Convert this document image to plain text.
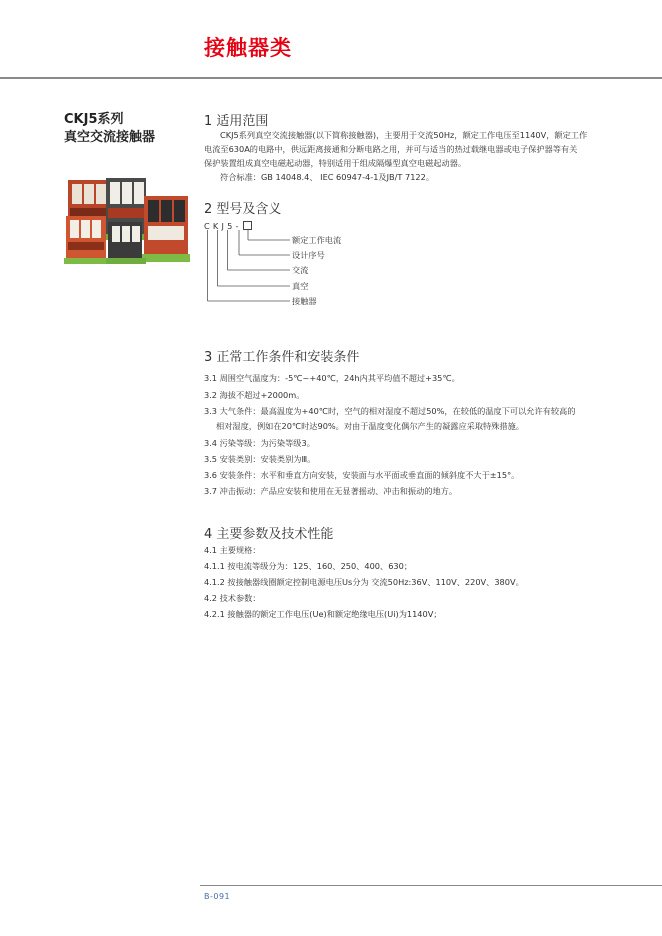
接触器类
CKJ5系列
真空交流接触器
1 适用范围
CKJ5系列真空交流接触器(以下简称接触器)，主要用于交流50Hz，额定工作电压至1140V，额定工作
电流至630A的电路中，供远距离接通和分断电路之用，并可与适当的热过载继电器或电子保护器等有关
保护装置组成真空电磁起动器，特别适用于组成隔爆型真空电磁起动器。
符合标准：GB 14048.4、 IEC 60947-4-1及JB/T 7122。
2 型号及含义
CKJ5-
额定工作电流
设计序号
交流
真空
接触器
3 正常工作条件和安装条件
3.1 周围空气温度为：-5℃~+40℃，24h内其平均值不超过+35℃。
3.2 海拔不超过+2000m。
3.3 大气条件：最高温度为+40℃时，空气的相对湿度不超过50%，在较低的温度下可以允许有较高的
相对湿度，例如在20℃时达90%。对由于温度变化偶尔产生的凝露应采取特殊措施。
3.4 污染等级：为污染等级3。
3.5 安装类别：安装类别为Ⅲ。
3.6 安装条件：水平和垂直方向安装，安装面与水平面或垂直面的倾斜度不大于±15°。
3.7 冲击振动：产品应安装和使用在无显著摇动、冲击和振动的地方。
4 主要参数及技术性能
4.1 主要规格：
4.1.1 按电流等级分为：125、160、250、400、630；
4.1.2 按接触器线圈额定控制电源电压Us分为 交流50Hz:36V、110V、220V、380V。
4.2 技术参数：
4.2.1 接触器的额定工作电压(Ue)和额定绝缘电压(Ui)为1140V；
B-091
